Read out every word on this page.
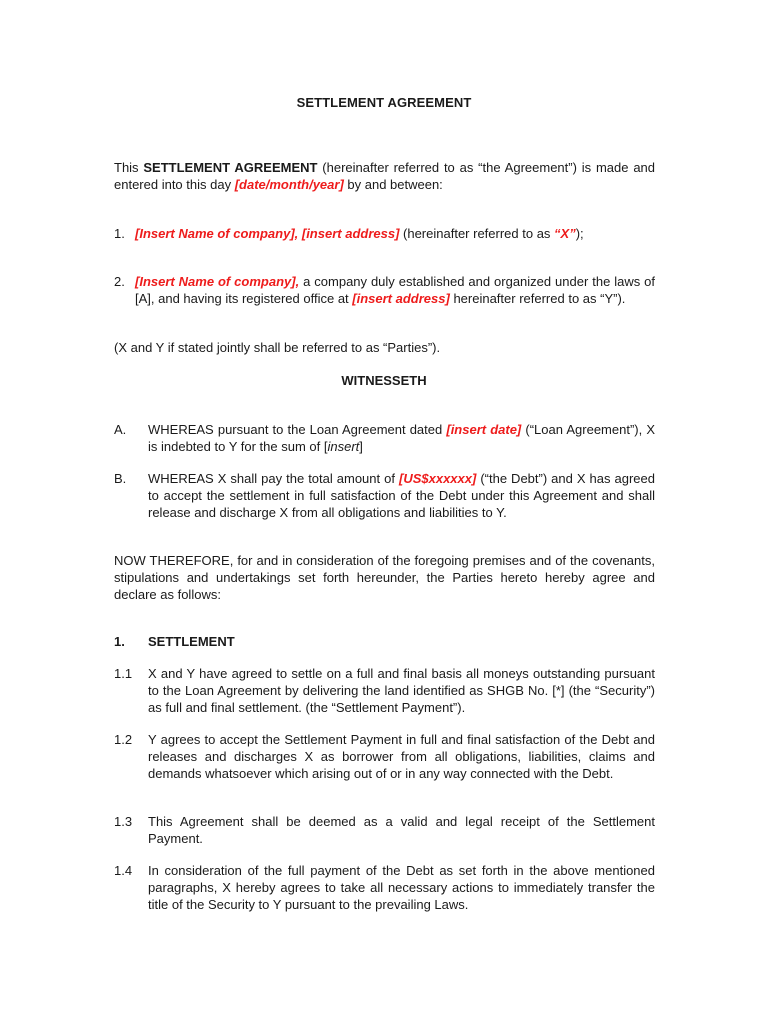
SETTLEMENT AGREEMENT
This SETTLEMENT AGREEMENT (hereinafter referred to as “the Agreement”) is made and entered into this day [date/month/year] by and between:
1. [Insert Name of company], [insert address] (hereinafter referred to as “X”);
2. [Insert Name of company], a company duly established and organized under the laws of [A], and having its registered office at [insert address] hereinafter referred to as “Y”).
(X and Y if stated jointly shall be referred to as “Parties”).
WITNESSETH
A. WHEREAS pursuant to the Loan Agreement dated [insert date] (“Loan Agreement”), X is indebted to Y for the sum of [insert]
B. WHEREAS X shall pay the total amount of [US$xxxxxx] (“the Debt”) and X has agreed to accept the settlement in full satisfaction of the Debt under this Agreement and shall release and discharge X from all obligations and liabilities to Y.
NOW THEREFORE, for and in consideration of the foregoing premises and of the covenants, stipulations and undertakings set forth hereunder, the Parties hereto hereby agree and declare as follows:
1. SETTLEMENT
1.1 X and Y have agreed to settle on a full and final basis all moneys outstanding pursuant to the Loan Agreement by delivering the land identified as SHGB No. [*] (the “Security”) as full and final settlement. (the “Settlement Payment”).
1.2 Y agrees to accept the Settlement Payment in full and final satisfaction of the Debt and releases and discharges X as borrower from all obligations, liabilities, claims and demands whatsoever which arising out of or in any way connected with the Debt.
1.3 This Agreement shall be deemed as a valid and legal receipt of the Settlement Payment.
1.4 In consideration of the full payment of the Debt as set forth in the above mentioned paragraphs, X hereby agrees to take all necessary actions to immediately transfer the title of the Security to Y pursuant to the prevailing Laws.
